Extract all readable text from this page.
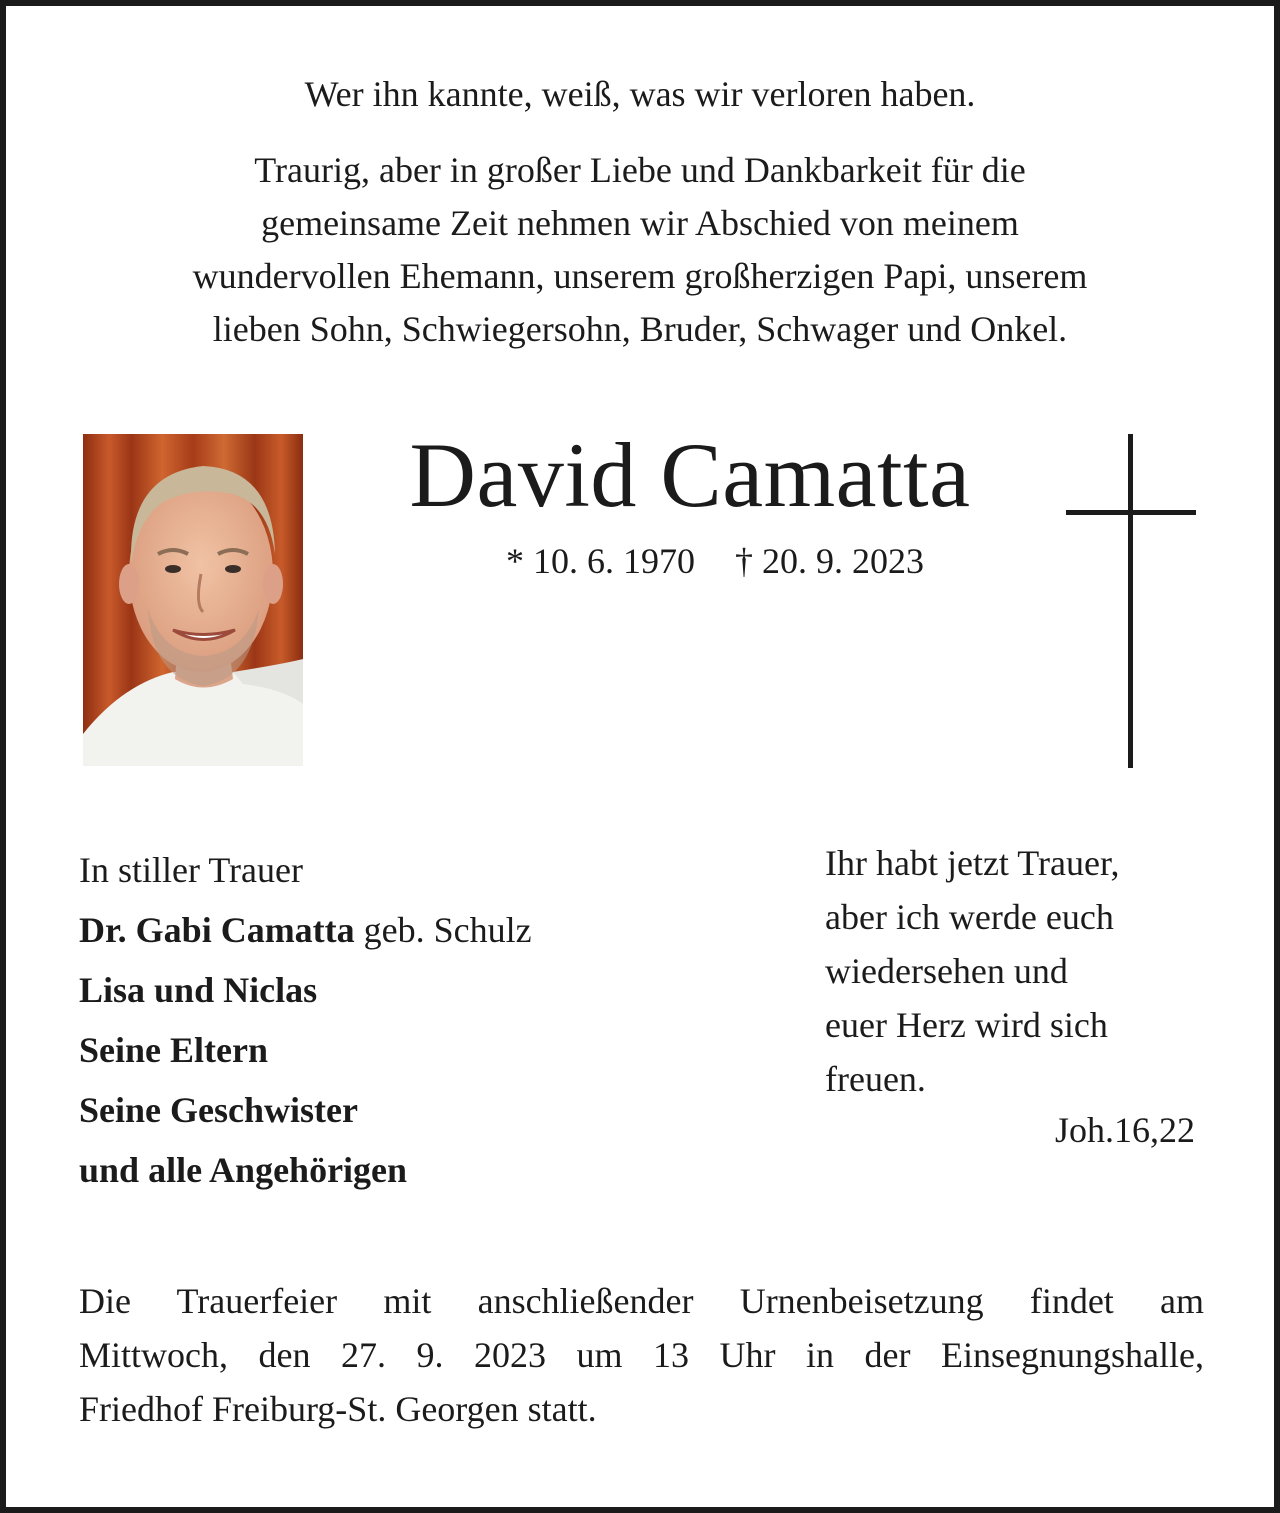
Wer ihn kannte, weiß, was wir verloren haben.

Traurig, aber in großer Liebe und Dankbarkeit für die
gemeinsame Zeit nehmen wir Abschied von meinem
wundervollen Ehemann, unserem großherzigen Papi, unserem
lieben Sohn, Schwiegersohn, Bruder, Schwager und Onkel.

David Camatta
* 10. 6. 1970 † 20. 9. 2023
In stiller Trauer
Dr. Gabi Camatta geb. Schulz
Lisa und Niclas
Seine Eltern
Seine Geschwister
und alle Angehörigen
Ihr habt jetzt Trauer,
aber ich werde euch
wiedersehen und
euer Herz wird sich
freuen.
Joh.16,22
Die Trauerfeier mit anschließender Urnenbeisetzung findet am
Mittwoch, den 27. 9. 2023 um 13 Uhr in der Einsegnungshalle,
Friedhof Freiburg-St. Georgen statt.
